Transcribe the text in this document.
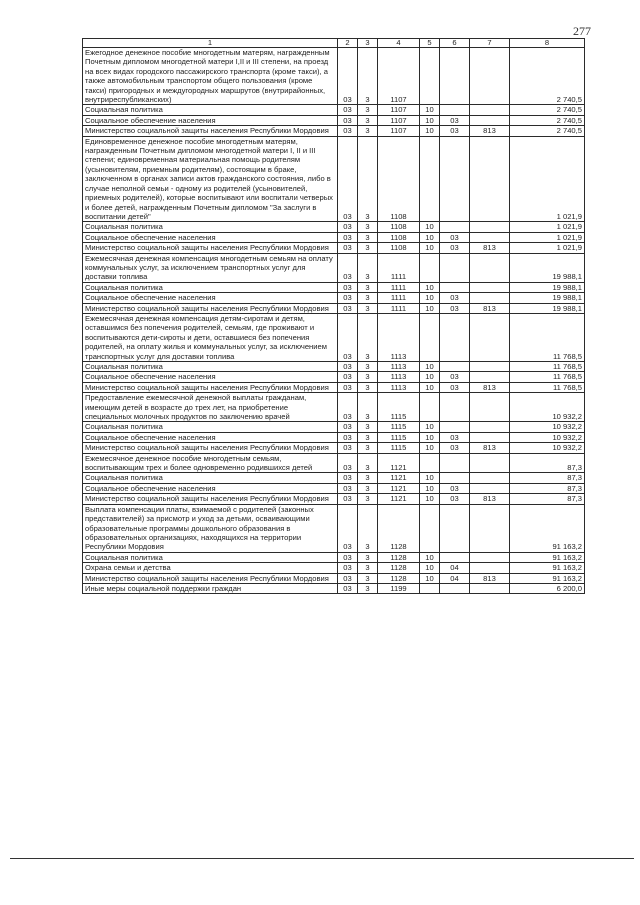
277
1	2	3	4	5	6	7	8
Ежегодное денежное пособие многодетным матерям, награжденным Почетным дипломом многодетной матери I,II и III степени, на проезд на всех видах городского пассажирского транспорта (кроме такси), а также автомобильным транспортом общего пользования (кроме такси) пригородных и междугородных маршрутов (внутрирайонных, внутриреспубликанских)	03	3	1107				2 740,5
Социальная политика	03	3	1107	10			2 740,5
Социальное обеспечение населения	03	3	1107	10	03		2 740,5
Министерство социальной защиты населения Республики Мордовия	03	3	1107	10	03	813	2 740,5
Единовременное денежное пособие многодетным матерям, награжденным Почетным дипломом многодетной матери I, II и III степени; единовременная материальная помощь родителям (усыновителям, приемным родителям), состоящим в браке, заключенном в органах записи актов гражданского состояния, либо в случае неполной семьи - одному из родителей (усыновителей, приемных родителей), которые воспитывают или воспитали четверых и более детей, награжденным Почетным дипломом "За заслуги в воспитании детей"	03	3	1108				1 021,9
Социальная политика	03	3	1108	10			1 021,9
Социальное обеспечение населения	03	3	1108	10	03		1 021,9
Министерство социальной защиты населения Республики Мордовия	03	3	1108	10	03	813	1 021,9
Ежемесячная денежная компенсация многодетным семьям на оплату коммунальных услуг, за исключением транспортных услуг для доставки топлива	03	3	1111				19 988,1
Социальная политика	03	3	1111	10			19 988,1
Социальное обеспечение населения	03	3	1111	10	03		19 988,1
Министерство социальной защиты населения Республики Мордовия	03	3	1111	10	03	813	19 988,1
Ежемесячная денежная компенсация детям-сиротам и детям, оставшимся без попечения родителей, семьям, где проживают и воспитываются дети-сироты и дети, оставшиеся без попечения родителей, на оплату жилья и коммунальных услуг, за исключением транспортных услуг для доставки топлива	03	3	1113				11 768,5
Социальная политика	03	3	1113	10			11 768,5
Социальное обеспечение населения	03	3	1113	10	03		11 768,5
Министерство социальной защиты населения Республики Мордовия	03	3	1113	10	03	813	11 768,5
Предоставление ежемесячной денежной выплаты гражданам, имеющим детей в возрасте до трех лет, на приобретение специальных молочных продуктов по заключению врачей	03	3	1115				10 932,2
Социальная политика	03	3	1115	10			10 932,2
Социальное обеспечение населения	03	3	1115	10	03		10 932,2
Министерство социальной защиты населения Республики Мордовия	03	3	1115	10	03	813	10 932,2
Ежемесячное денежное пособие многодетным семьям, воспитывающим трех и более одновременно родившихся детей	03	3	1121				87,3
Социальная политика	03	3	1121	10			87,3
Социальное обеспечение населения	03	3	1121	10	03		87,3
Министерство социальной защиты населения Республики Мордовия	03	3	1121	10	03	813	87,3
Выплата компенсации платы, взимаемой с родителей (законных представителей) за присмотр и уход за детьми, осваивающими образовательные программы дошкольного образования в образовательных организациях, находящихся на территории Республики Мордовия	03	3	1128				91 163,2
Социальная политика	03	3	1128	10			91 163,2
Охрана семьи и детства	03	3	1128	10	04		91 163,2
Министерство социальной защиты населения Республики Мордовия	03	3	1128	10	04	813	91 163,2
Иные меры социальной поддержки граждан	03	3	1199				6 200,0
